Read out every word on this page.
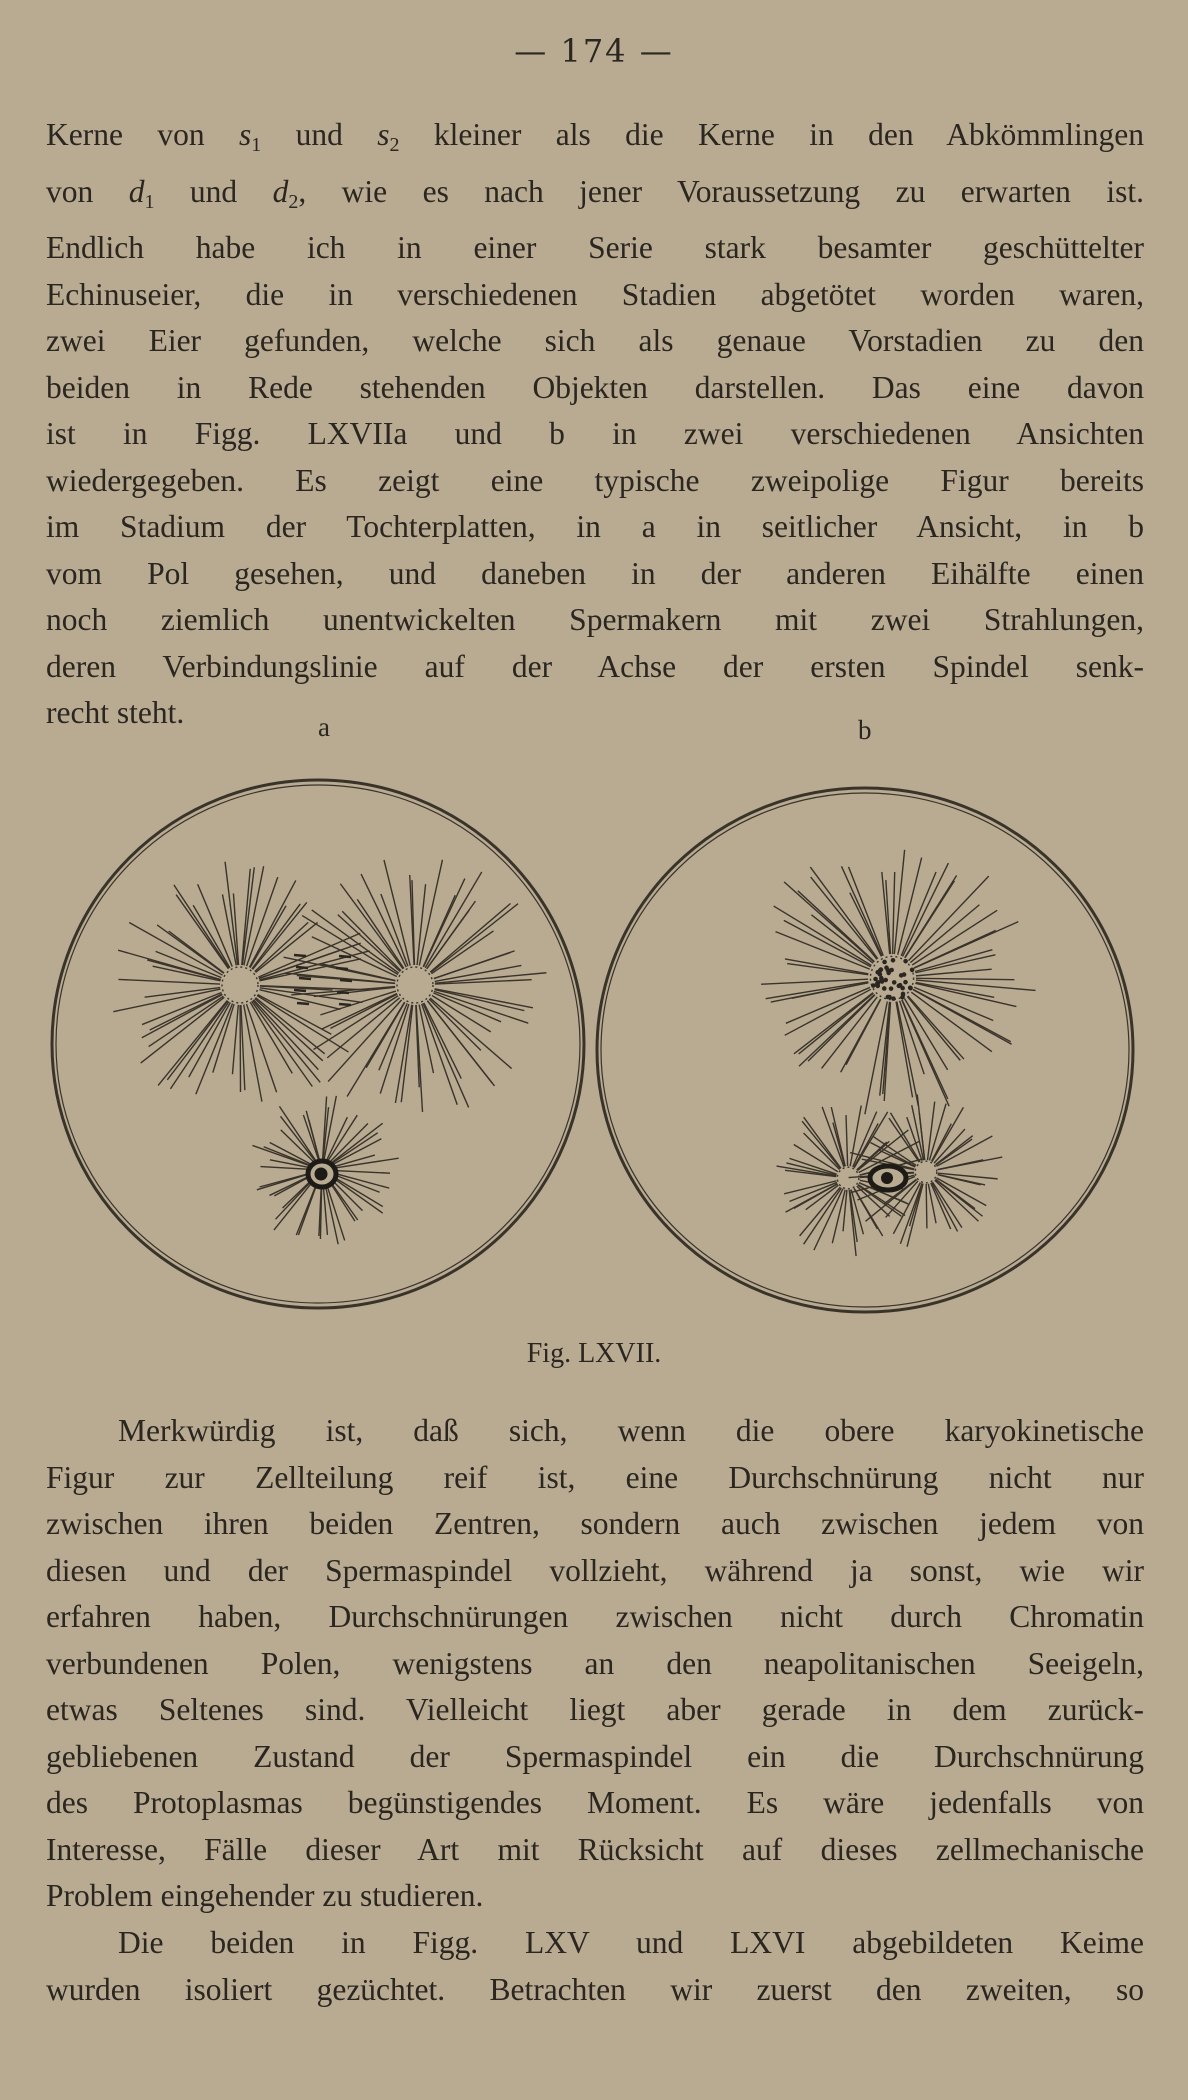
— 174 —
Kerne von $s_1$ und $s_2$ kleiner als die Kerne in den Abkömmlingen
von $d_1$ und $d_2$, wie es nach jener Voraussetzung zu erwarten ist.
Endlich habe ich in einer Serie stark besamter geschüttelter
Echinuseier, die in verschiedenen Stadien abgetötet worden waren,
zwei Eier gefunden, welche sich als genaue Vorstadien zu den
beiden in Rede stehenden Objekten darstellen. Das eine davon
ist in Figg. LXVIIa und b in zwei verschiedenen Ansichten
wiedergegeben. Es zeigt eine typische zweipolige Figur bereits
im Stadium der Tochterplatten, in a in seitlicher Ansicht, in b
vom Pol gesehen, und daneben in der anderen Eihälfte einen
noch ziemlich unentwickelten Spermakern mit zwei Strahlungen,
deren Verbindungslinie auf der Achse der ersten Spindel senk-
recht steht.	a	b
Fig. LXVII.
Merkwürdig ist, daß sich, wenn die obere karyokinetische
Figur zur Zellteilung reif ist, eine Durchschnürung nicht nur
zwischen ihren beiden Zentren, sondern auch zwischen jedem von
diesen und der Spermaspindel vollzieht, während ja sonst, wie wir
erfahren haben, Durchschnürungen zwischen nicht durch Chromatin
verbundenen Polen, wenigstens an den neapolitanischen Seeigeln,
etwas Seltenes sind. Vielleicht liegt aber gerade in dem zurück-
gebliebenen Zustand der Spermaspindel ein die Durchschnürung
des Protoplasmas begünstigendes Moment. Es wäre jedenfalls von
Interesse, Fälle dieser Art mit Rücksicht auf dieses zellmechanische
Problem eingehender zu studieren.
Die beiden in Figg. LXV und LXVI abgebildeten Keime
wurden isoliert gezüchtet. Betrachten wir zuerst den zweiten, so
